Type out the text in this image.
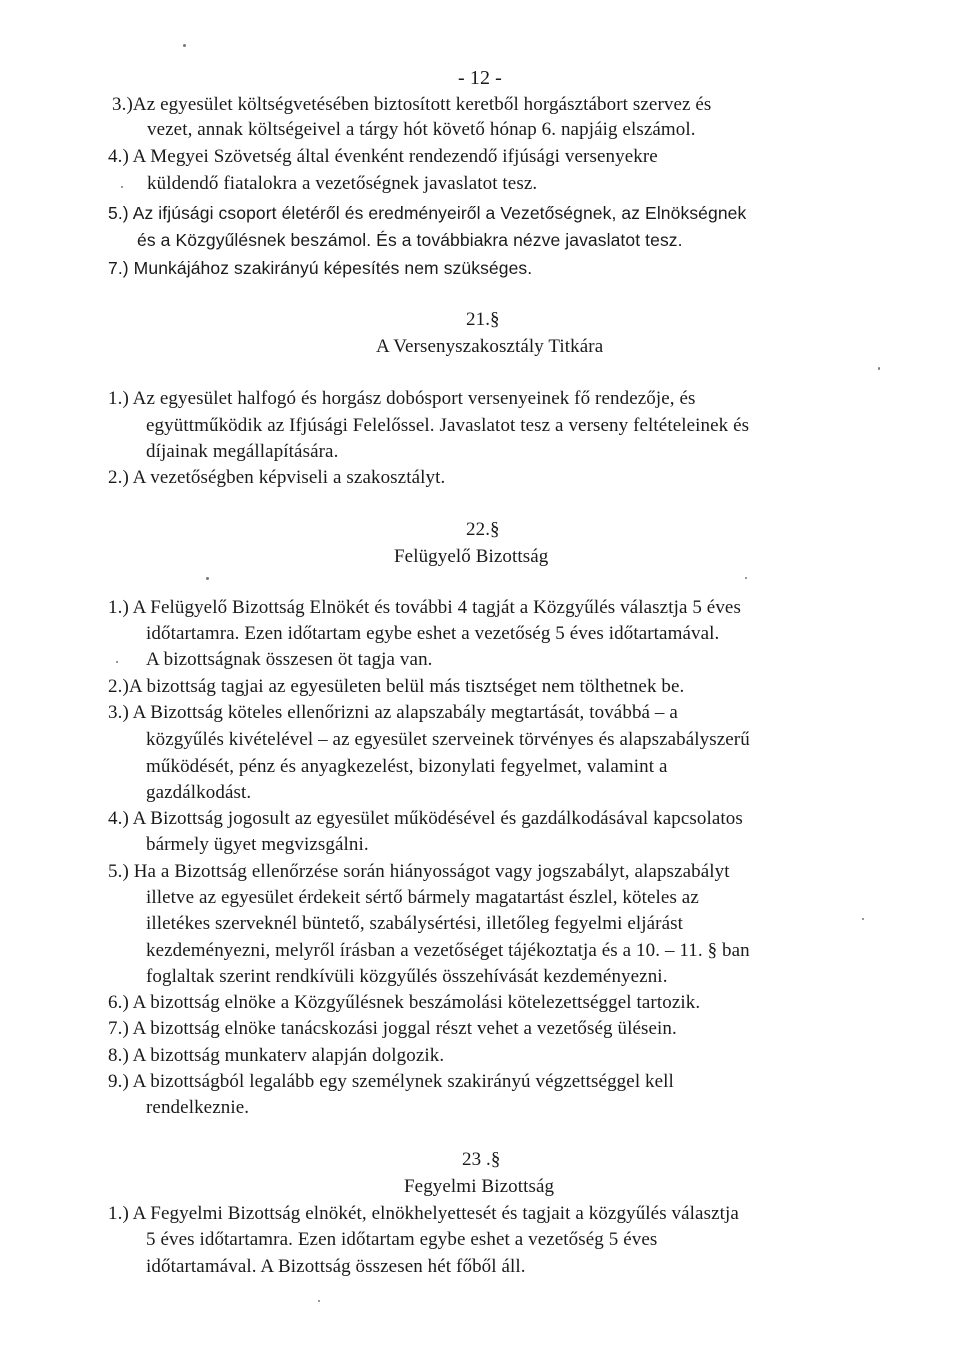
- 12 -
3.)Az egyesület költségvetésében biztosított keretből horgásztábort szervez és
vezet, annak költségeivel a tárgy hót követő hónap 6. napjáig elszámol.
4.) A Megyei Szövetség által évenként rendezendő ifjúsági versenyekre
küldendő fiatalokra a vezetőségnek javaslatot tesz.
5.) Az ifjúsági csoport életéről és eredményeiről a Vezetőségnek, az Elnökségnek
és a Közgyűlésnek beszámol. És a továbbiakra nézve javaslatot tesz.
7.) Munkájához szakirányú képesítés nem szükséges.
21.§
A Versenyszakosztály Titkára
1.) Az egyesület halfogó és horgász dobósport versenyeinek fő rendezője, és
együttműködik az Ifjúsági Felelőssel. Javaslatot tesz a verseny feltételeinek és
díjainak megállapítására.
2.) A vezetőségben képviseli a szakosztályt.
22.§
Felügyelő Bizottság
1.) A Felügyelő Bizottság Elnökét és további 4 tagját a Közgyűlés választja 5 éves
időtartamra. Ezen időtartam egybe eshet a vezetőség 5 éves időtartamával.
A bizottságnak összesen öt tagja van.
2.)A bizottság tagjai az egyesületen belül más tisztséget nem tölthetnek be.
3.) A Bizottság köteles ellenőrizni az alapszabály megtartását, továbbá – a
közgyűlés kivételével – az egyesület szerveinek törvényes és alapszabályszerű
működését, pénz és anyagkezelést, bizonylati fegyelmet, valamint a
gazdálkodást.
4.) A Bizottság jogosult az egyesület működésével és gazdálkodásával kapcsolatos
bármely ügyet megvizsgálni.
5.) Ha a Bizottság ellenőrzése során hiányosságot vagy jogszabályt, alapszabályt
illetve az egyesület érdekeit sértő bármely magatartást észlel, köteles az
illetékes szerveknél büntető, szabálysértési, illetőleg fegyelmi eljárást
kezdeményezni, melyről írásban a vezetőséget tájékoztatja és a 10. – 11. § ban
foglaltak szerint rendkívüli közgyűlés összehívását kezdeményezni.
6.) A bizottság elnöke a Közgyűlésnek beszámolási kötelezettséggel tartozik.
7.) A bizottság elnöke tanácskozási joggal részt vehet a vezetőség ülésein.
8.) A bizottság munkaterv alapján dolgozik.
9.) A bizottságból legalább egy személynek szakirányú végzettséggel kell
rendelkeznie.
23 .§
Fegyelmi Bizottság
1.) A Fegyelmi Bizottság elnökét, elnökhelyettesét és tagjait a közgyűlés választja
5 éves időtartamra. Ezen időtartam egybe eshet a vezetőség 5 éves
időtartamával. A Bizottság összesen hét főből áll.
